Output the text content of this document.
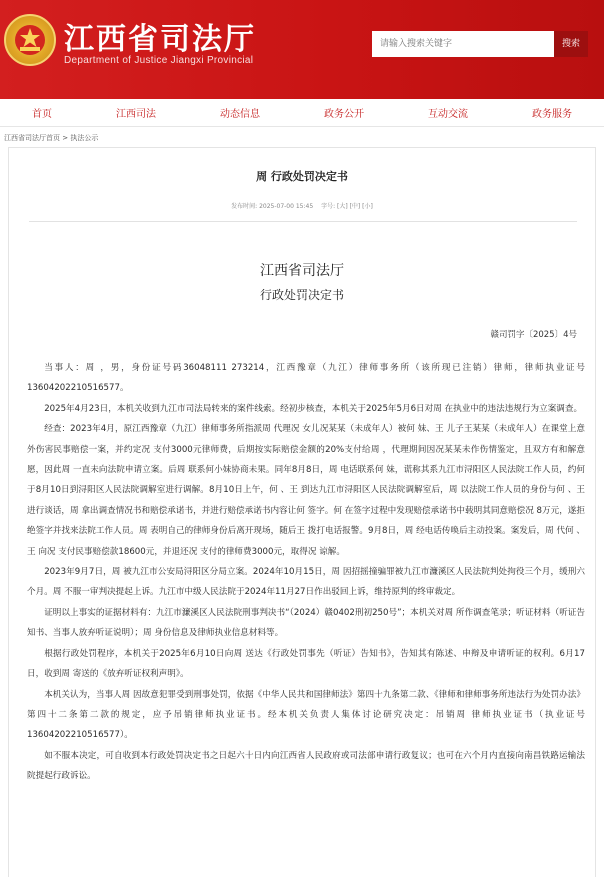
江西省司法厅
Department of Justice Jiangxi Provincial
请输入搜索关键字
搜索
首页	江西司法	动态信息	政务公开	互动交流	政务服务
江西省司法厅首页 > 执法公示
周 行政处罚决定书
发布时间: 2025-07-00 15:45 字号: [大] [中] [小]
江西省司法厅
行政处罚决定书
赣司罚字〔2025〕4号

当事人：周 ，男，身份证号码36048111 273214，江西豫章（九江）律师事务所（该所现已注销）律师，律师执业证号13604202210516577。

2025年4月23日，本机关收到九江市司法局转来的案件线索。经初步核查，本机关于2025年5月6日对周 在执业中的违法违规行为立案调查。

经查：2023年4月，原江西豫章（九江）律师事务所指派周 代理况 女儿况某某（未成年人）被何 妹、王 儿子王某某（未成年人）在课堂上意外伤害民事赔偿一案，并约定况 支付3000元律师费，后期按实际赔偿金额的20%支付给周 ，代理期间因况某某未作伤情鉴定，且双方有和解意愿，因此周 一直未向法院申请立案。后周 联系何小妹协商未果。同年8月8日，周 电话联系何 妹，谎称其系九江市浔阳区人民法院工作人员，约何 于8月10日到浔阳区人民法院调解室进行调解。8月10日上午，何 、王 到达九江市浔阳区人民法院调解室后，周 以法院工作人员的身份与何 、王 进行谈话，周 拿出调查情况书和赔偿承诺书，并进行赔偿承诺书内容让何 签字。何 在签字过程中发现赔偿承诺书中载明其同意赔偿况 8万元，遂拒绝签字并找来法院工作人员。周 表明自己的律师身份后离开现场，随后王 拨打电话报警。9月8日，周 经电话传唤后主动投案。案发后，周 代何 、王 向况 支付民事赔偿款18600元，并退还况 支付的律师费3000元，取得况 谅解。

2023年9月7日，周 被九江市公安局浔阳区分局立案。2024年10月15日，周 因招摇撞骗罪被九江市濂溪区人民法院判处拘役三个月，缓刑六个月。周 不服一审判决提起上诉。九江市中级人民法院于2024年11月27日作出驳回上诉，维持原判的终审裁定。

证明以上事实的证据材料有：九江市濂溪区人民法院刑事判决书“（2024）赣0402刑初250号”；本机关对周 所作调查笔录；听证材料（听证告知书、当事人放弃听证说明）；周 身份信息及律师执业信息材料等。

根据行政处罚程序，本机关于2025年6月10日向周 送达《行政处罚事先（听证）告知书》，告知其有陈述、申辩及申请听证的权利。6月17日，收到周 寄送的《放弃听证权利声明》。

本机关认为，当事人周 因故意犯罪受到刑事处罚，依据《中华人民共和国律师法》第四十九条第二款、《律师和律师事务所违法行为处罚办法》第四十二条第二款的规定，应予吊销律师执业证书。经本机关负责人集体讨论研究决定：吊销周 律师执业证书（执业证号13604202210516577）。

如不服本决定，可自收到本行政处罚决定书之日起六十日内向江西省人民政府或司法部申请行政复议；也可在六个月内直接向南昌铁路运输法院提起行政诉讼。
